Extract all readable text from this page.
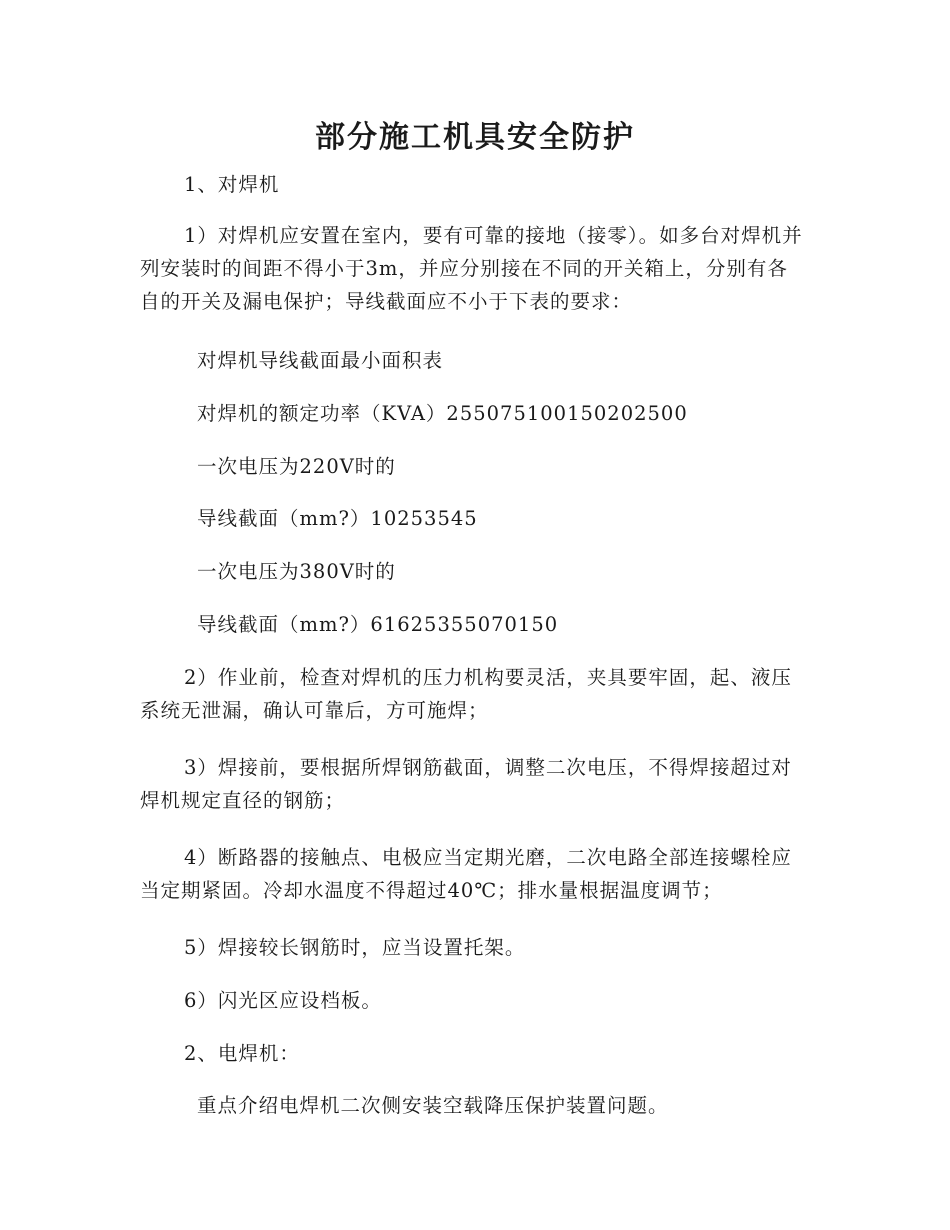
部分施工机具安全防护

1、对焊机

1）对焊机应安置在室内，要有可靠的接地（接零）。如多台对焊机并列安装时的间距不得小于3m，并应分别接在不同的开关箱上，分别有各自的开关及漏电保护；导线截面应不小于下表的要求：

对焊机导线截面最小面积表

对焊机的额定功率（KVA）255075100150202500

一次电压为220V时的

导线截面（mm?）10253545

一次电压为380V时的

导线截面（mm?）61625355070150

2）作业前，检查对焊机的压力机构要灵活，夹具要牢固，起、液压系统无泄漏，确认可靠后，方可施焊；

3）焊接前，要根据所焊钢筋截面，调整二次电压，不得焊接超过对焊机规定直径的钢筋；

4）断路器的接触点、电极应当定期光磨，二次电路全部连接螺栓应当定期紧固。冷却水温度不得超过40℃；排水量根据温度调节；

5）焊接较长钢筋时，应当设置托架。

6）闪光区应设档板。

2、电焊机：

重点介绍电焊机二次侧安装空载降压保护装置问题。
